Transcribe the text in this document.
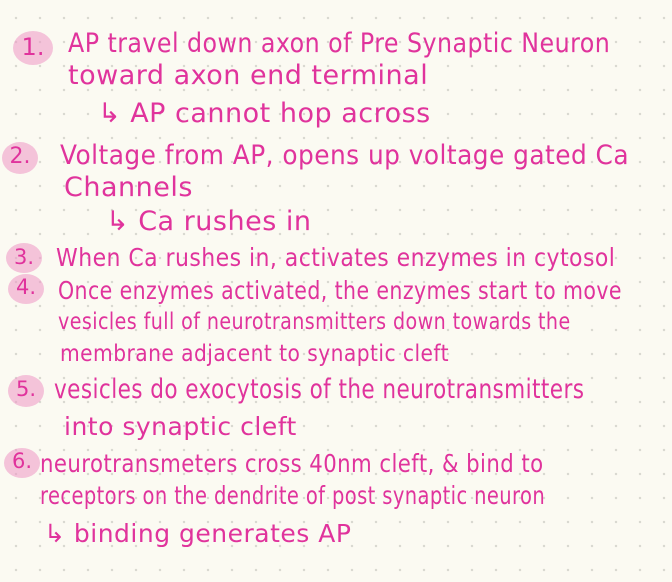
1. AP travel down axon of Pre Synaptic Neuron
toward axon end terminal
↳ AP cannot hop across
2. Voltage from AP, opens up voltage gated Ca
Channels
↳ Ca rushes in
3. When Ca rushes in, activates enzymes in cytosol
4. Once enzymes activated, the enzymes start to move
vesicles full of neurotransmitters down towards the
membrane adjacent to synaptic cleft
5. vesicles do exocytosis of the neurotransmitters
into synaptic cleft
6. neurotransmeters cross 40nm cleft, & bind to
receptors on the dendrite of post synaptic neuron
↳ binding generates AP
